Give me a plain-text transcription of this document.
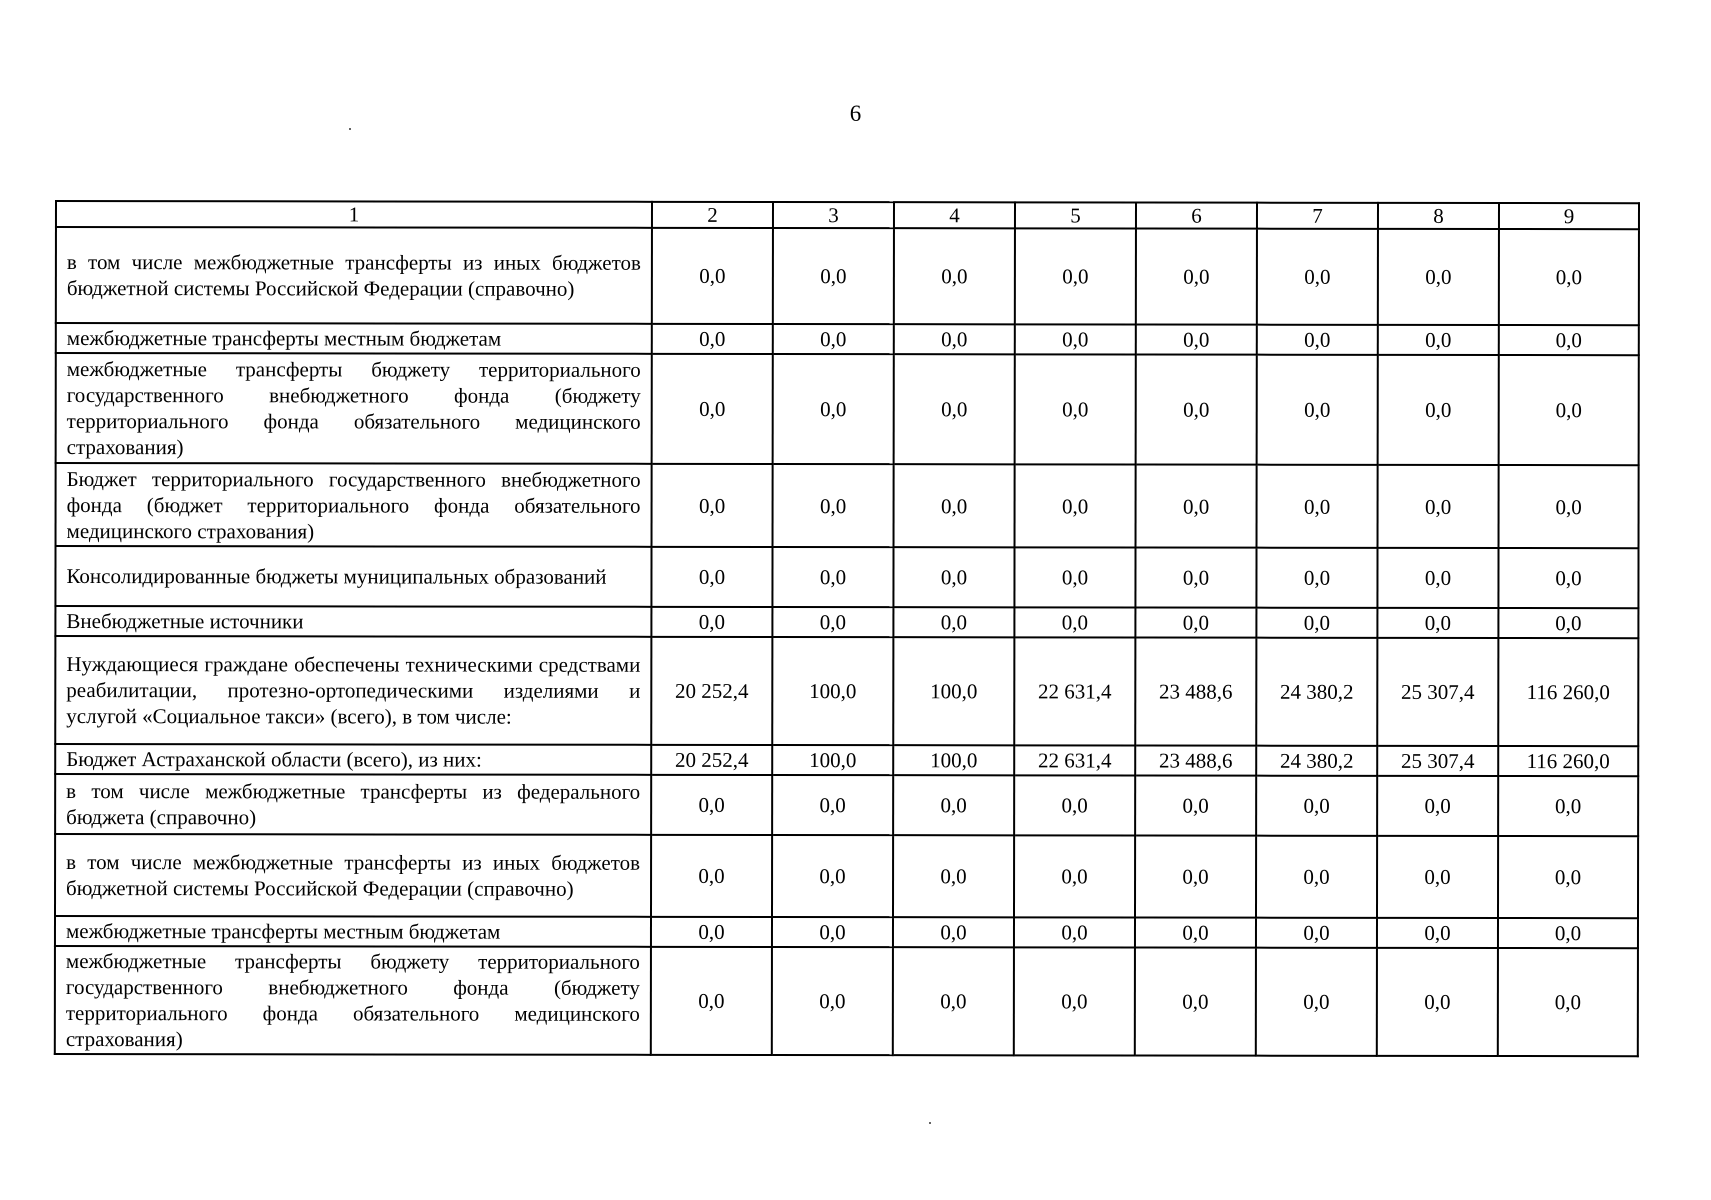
6
1	2	3	4	5	6	7	8	9
в том числе межбюджетные трансферты из иных бюджетов бюджетной системы Российской Федерации (справочно)	0,0	0,0	0,0	0,0	0,0	0,0	0,0	0,0
межбюджетные трансферты местным бюджетам	0,0	0,0	0,0	0,0	0,0	0,0	0,0	0,0
межбюджетные трансферты бюджету территориального государственного внебюджетного фонда (бюджету территориального фонда обязательного медицинского страхования)	0,0	0,0	0,0	0,0	0,0	0,0	0,0	0,0
Бюджет территориального государственного внебюджетного фонда (бюджет территориального фонда обязательного медицинского страхования)	0,0	0,0	0,0	0,0	0,0	0,0	0,0	0,0
Консолидированные бюджеты муниципальных образований	0,0	0,0	0,0	0,0	0,0	0,0	0,0	0,0
Внебюджетные источники	0,0	0,0	0,0	0,0	0,0	0,0	0,0	0,0
Нуждающиеся граждане обеспечены техническими средствами реабилитации, протезно-ортопедическими изделиями и услугой «Социальное такси» (всего), в том числе:	20 252,4	100,0	100,0	22 631,4	23 488,6	24 380,2	25 307,4	116 260,0
Бюджет Астраханской области (всего), из них:	20 252,4	100,0	100,0	22 631,4	23 488,6	24 380,2	25 307,4	116 260,0
в том числе межбюджетные трансферты из федерального бюджета (справочно)	0,0	0,0	0,0	0,0	0,0	0,0	0,0	0,0
в том числе межбюджетные трансферты из иных бюджетов бюджетной системы Российской Федерации (справочно)	0,0	0,0	0,0	0,0	0,0	0,0	0,0	0,0
межбюджетные трансферты местным бюджетам	0,0	0,0	0,0	0,0	0,0	0,0	0,0	0,0
межбюджетные трансферты бюджету территориального государственного внебюджетного фонда (бюджету территориального фонда обязательного медицинского страхования)	0,0	0,0	0,0	0,0	0,0	0,0	0,0	0,0
